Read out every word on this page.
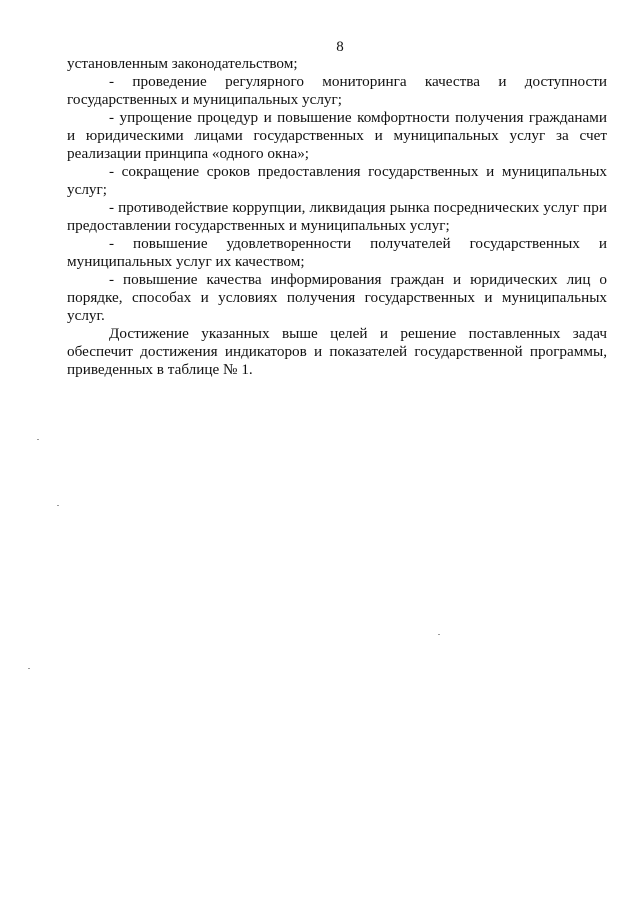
8

установленным законодательством;

- проведение регулярного мониторинга качества и доступности государственных и муниципальных услуг;

- упрощение процедур и повышение комфортности получения гражданами и юридическими лицами государственных и муниципальных услуг за счет реализации принципа «одного окна»;

- сокращение сроков предоставления государственных и муниципальных услуг;

- противодействие коррупции, ликвидация рынка посреднических услуг при предоставлении государственных и муниципальных услуг;

- повышение удовлетворенности получателей государственных и муниципальных услуг их качеством;

- повышение качества информирования граждан и юридических лиц о порядке, способах и условиях получения государственных и муниципальных услуг.

Достижение указанных выше целей и решение поставленных задач обеспечит достижения индикаторов и показателей государственной программы, приведенных в таблице № 1.
